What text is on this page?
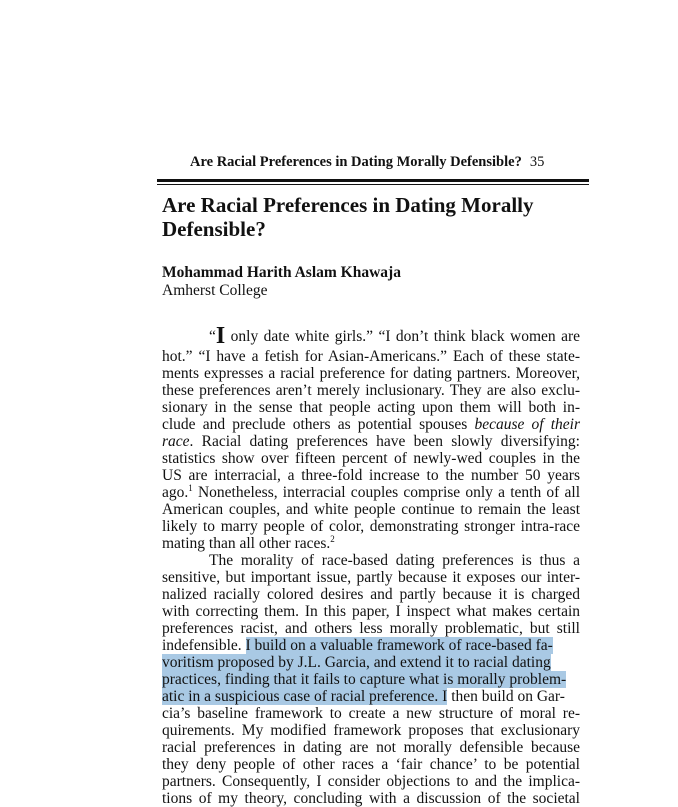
Are Racial Preferences in Dating Morally Defensible? 35
Are Racial Preferences in Dating Morally
Defensible?
Mohammad Harith Aslam Khawaja
Amherst College
“I only date white girls.” “I don’t think black women are
hot.” “I have a fetish for Asian-Americans.” Each of these state-
ments expresses a racial preference for dating partners. Moreover,
these preferences aren’t merely inclusionary. They are also exclu-
sionary in the sense that people acting upon them will both in-
clude and preclude others as potential spouses because of their
race. Racial dating preferences have been slowly diversifying:
statistics show over fifteen percent of newly-wed couples in the
US are interracial, a three-fold increase to the number 50 years
ago.$^1$ Nonetheless, interracial couples comprise only a tenth of all
American couples, and white people continue to remain the least
likely to marry people of color, demonstrating stronger intra-race
mating than all other races.$^2$
The morality of race-based dating preferences is thus a
sensitive, but important issue, partly because it exposes our inter-
nalized racially colored desires and partly because it is charged
with correcting them. In this paper, I inspect what makes certain
preferences racist, and others less morally problematic, but still
indefensible. I build on a valuable framework of race-based fa-
voritism proposed by J.L. Garcia, and extend it to racial dating
practices, finding that it fails to capture what is morally problem-
atic in a suspicious case of racial preference. I then build on Gar-
cia’s baseline framework to create a new structure of moral re-
quirements. My modified framework proposes that exclusionary
racial preferences in dating are not morally defensible because
they deny people of other races a ‘fair chance’ to be potential
partners. Consequently, I consider objections to and the implica-
tions of my theory, concluding with a discussion of the societal
